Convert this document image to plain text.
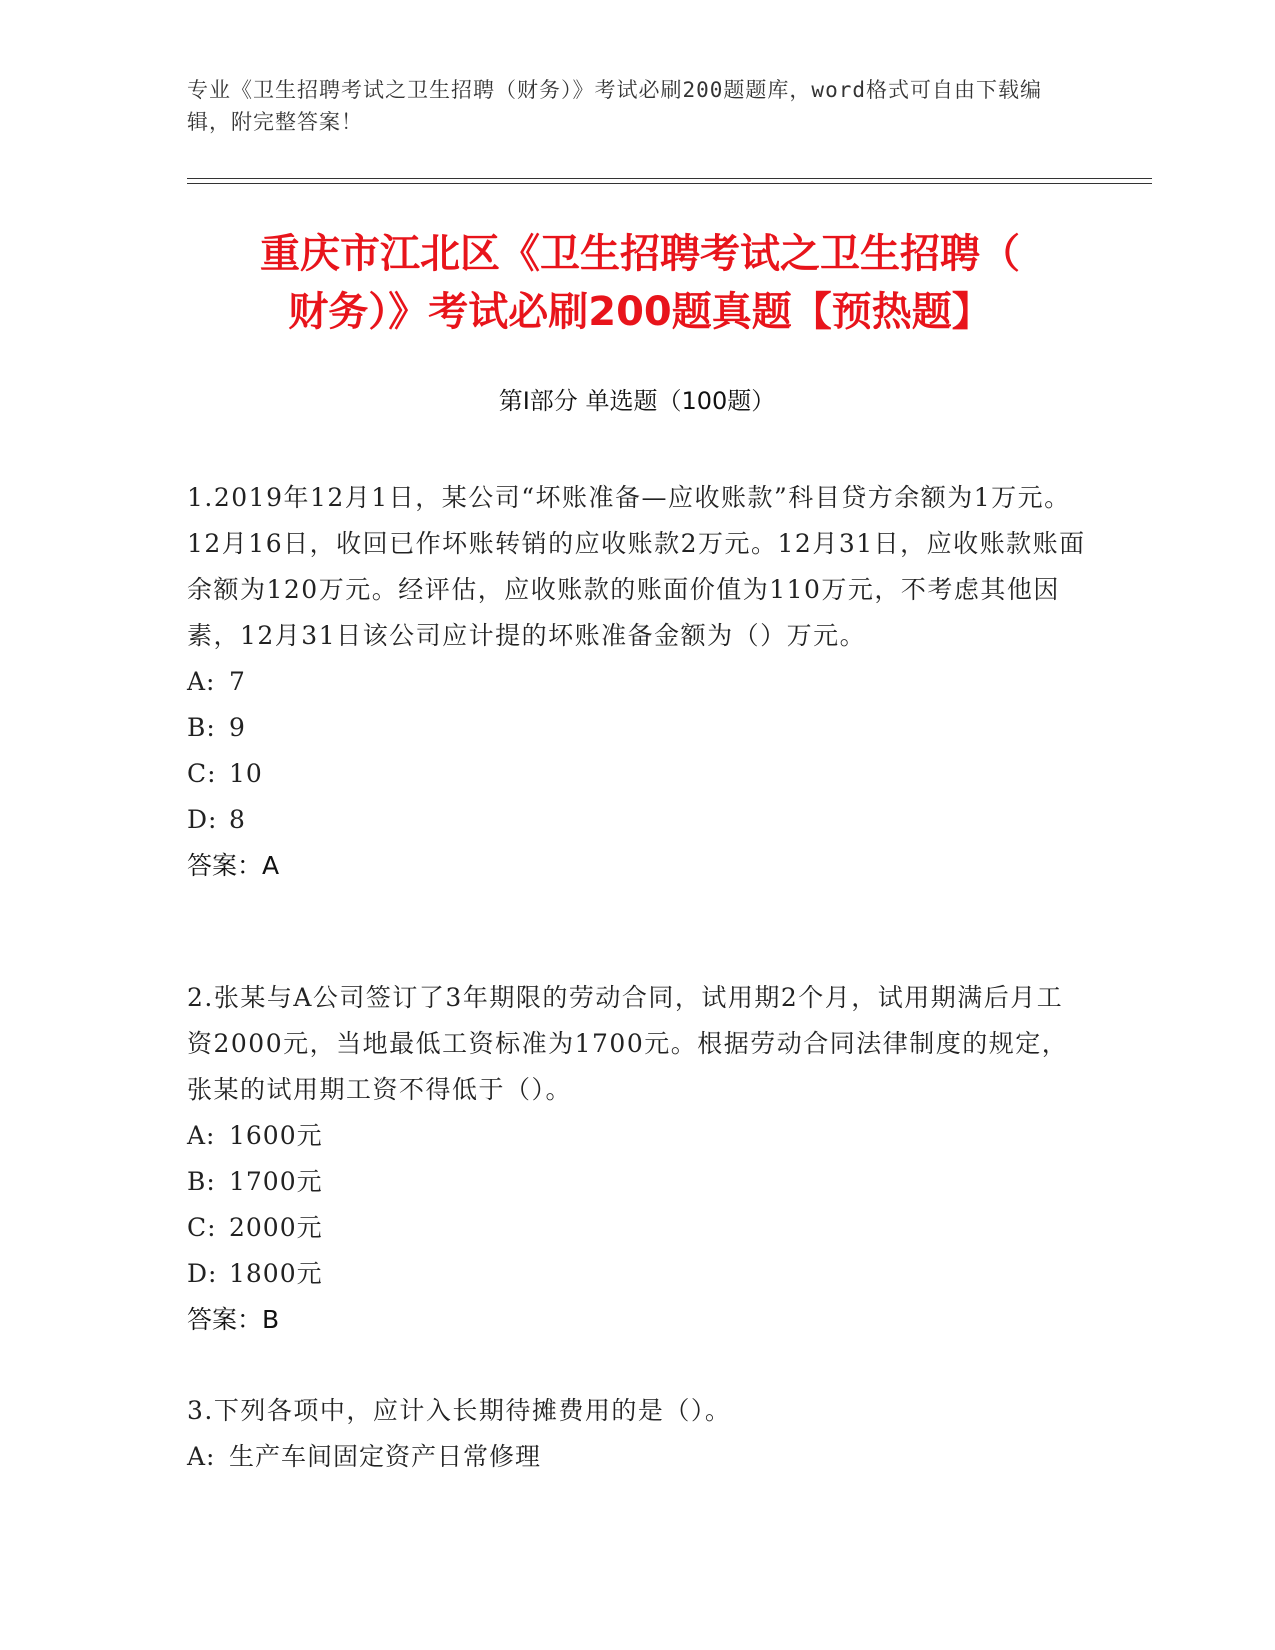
专业《卫生招聘考试之卫生招聘（财务）》考试必刷200题题库，word格式可自由下载编辑，附完整答案！
重庆市江北区《卫生招聘考试之卫生招聘（
财务）》考试必刷200题真题【预热题】
第Ⅰ部分 单选题（100题）

1.2019年12月1日，某公司“坏账准备—应收账款”科目贷方余额为1万元。12月16日，收回已作坏账转销的应收账款2万元。12月31日，应收账款账面余额为120万元。经评估，应收账款的账面价值为110万元，不考虑其他因素，12月31日该公司应计提的坏账准备金额为（）万元。

A: 7
B: 9
C: 10
D: 8
答案：A

2.张某与A公司签订了3年期限的劳动合同，试用期2个月，试用期满后月工资2000元，当地最低工资标准为1700元。根据劳动合同法律制度的规定，张某的试用期工资不得低于（）。

A: 1600元
B: 1700元
C: 2000元
D: 1800元
答案：B

3.下列各项中，应计入长期待摊费用的是（）。

A: 生产车间固定资产日常修理
